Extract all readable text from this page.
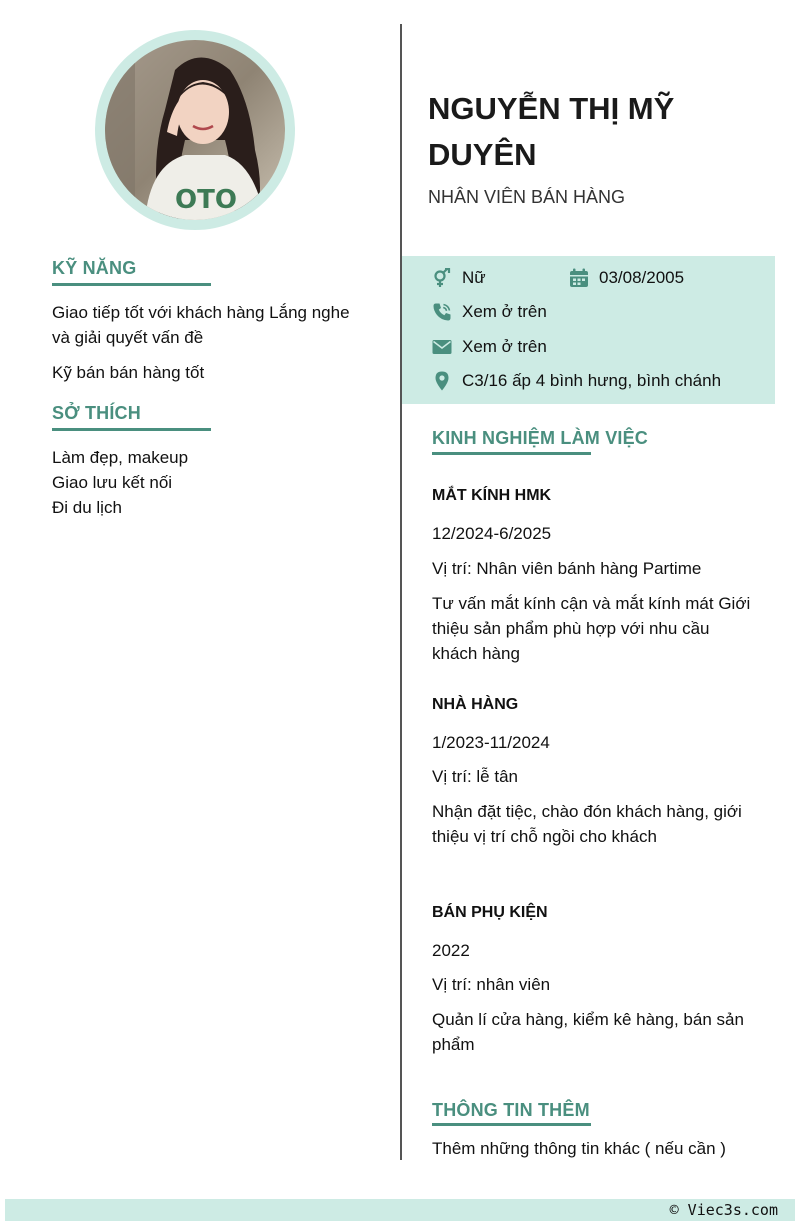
OTO
KỸ NĂNG
Giao tiếp tốt với khách hàng Lắng nghe và giải quyết vấn đề
Kỹ bán bán hàng tốt
SỞ THÍCH
Làm đẹp, makeup
Giao lưu kết nối
Đi du lịch
NGUYỄN THỊ MỸ DUYÊN
NHÂN VIÊN BÁN HÀNG
Nữ	03/08/2005
Xem ở trên
Xem ở trên
C3/16 ấp 4 bình hưng, bình chánh
KINH NGHIỆM LÀM VIỆC
MẮT KÍNH HMK
12/2024-6/2025
Vị trí: Nhân viên bánh hàng Partime
Tư vấn mắt kính cận và mắt kính mát Giới thiệu sản phẩm phù hợp với nhu cầu khách hàng
NHÀ HÀNG
1/2023-11/2024
Vị trí: lễ tân
Nhận đặt tiệc, chào đón khách hàng, giới thiệu vị trí chỗ ngồi cho khách
BÁN PHỤ KIỆN
2022
Vị trí: nhân viên
Quản lí cửa hàng, kiểm kê hàng, bán sản phẩm
THÔNG TIN THÊM
Thêm những thông tin khác ( nếu cần )
© Viec3s.com
